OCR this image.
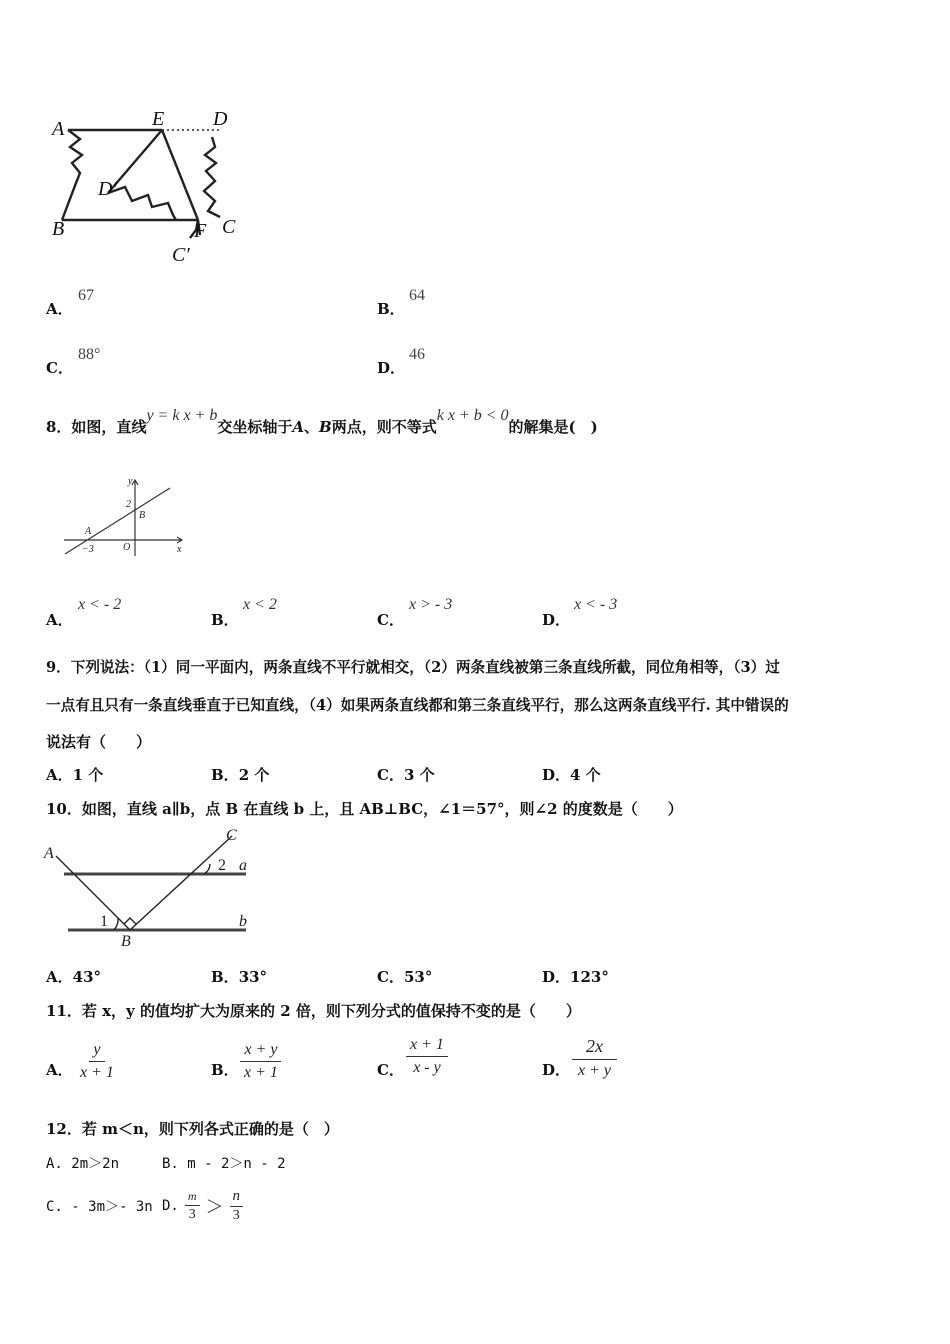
A	E D
D′
B	F C
C′
A．
67
B．
64
C．
88°
D．
46
8．如图，直线y = k x + b交坐标轴于A、B两点，则不等式k x + b < 0的解集是(　)
y
x
2
B
A
−3	O
A．
x < - 2
B．
x < 2
C．
x > - 3
D．
x < - 3
9．下列说法：（1）同一平面内，两条直线不平行就相交，（2）两条直线被第三条直线所截，同位角相等，（3）过
一点有且只有一条直线垂直于已知直线，（4）如果两条直线都和第三条直线平行，那么这两条直线平行. 其中错误的
说法有（　　）
A．1 个	B．2 个	C．3 个	D．4 个
10．如图，直线 a∥b，点 B 在直线 b 上，且 AB⊥BC，∠1＝57°，则∠2 的度数是（　　）
A
C
2 a
1	b
B
A．43°	B．33°	C．53°	D．123°
11．若 x，y 的值均扩大为原来的 2 倍，则下列分式的值保持不变的是（　　）
A． $\frac{y}{x + 1}$	B． $\frac{x + y}{x + 1}$	C． $\frac{x + 1}{x - y}$	D． $\frac{2x}{x + y}$
12．若 m＜n，则下列各式正确的是（　）
A. 2m＞2n	B. m - 2＞n - 2
C. - 3m＞- 3n D. $\frac{m}{3} > \frac{n}{3}$
